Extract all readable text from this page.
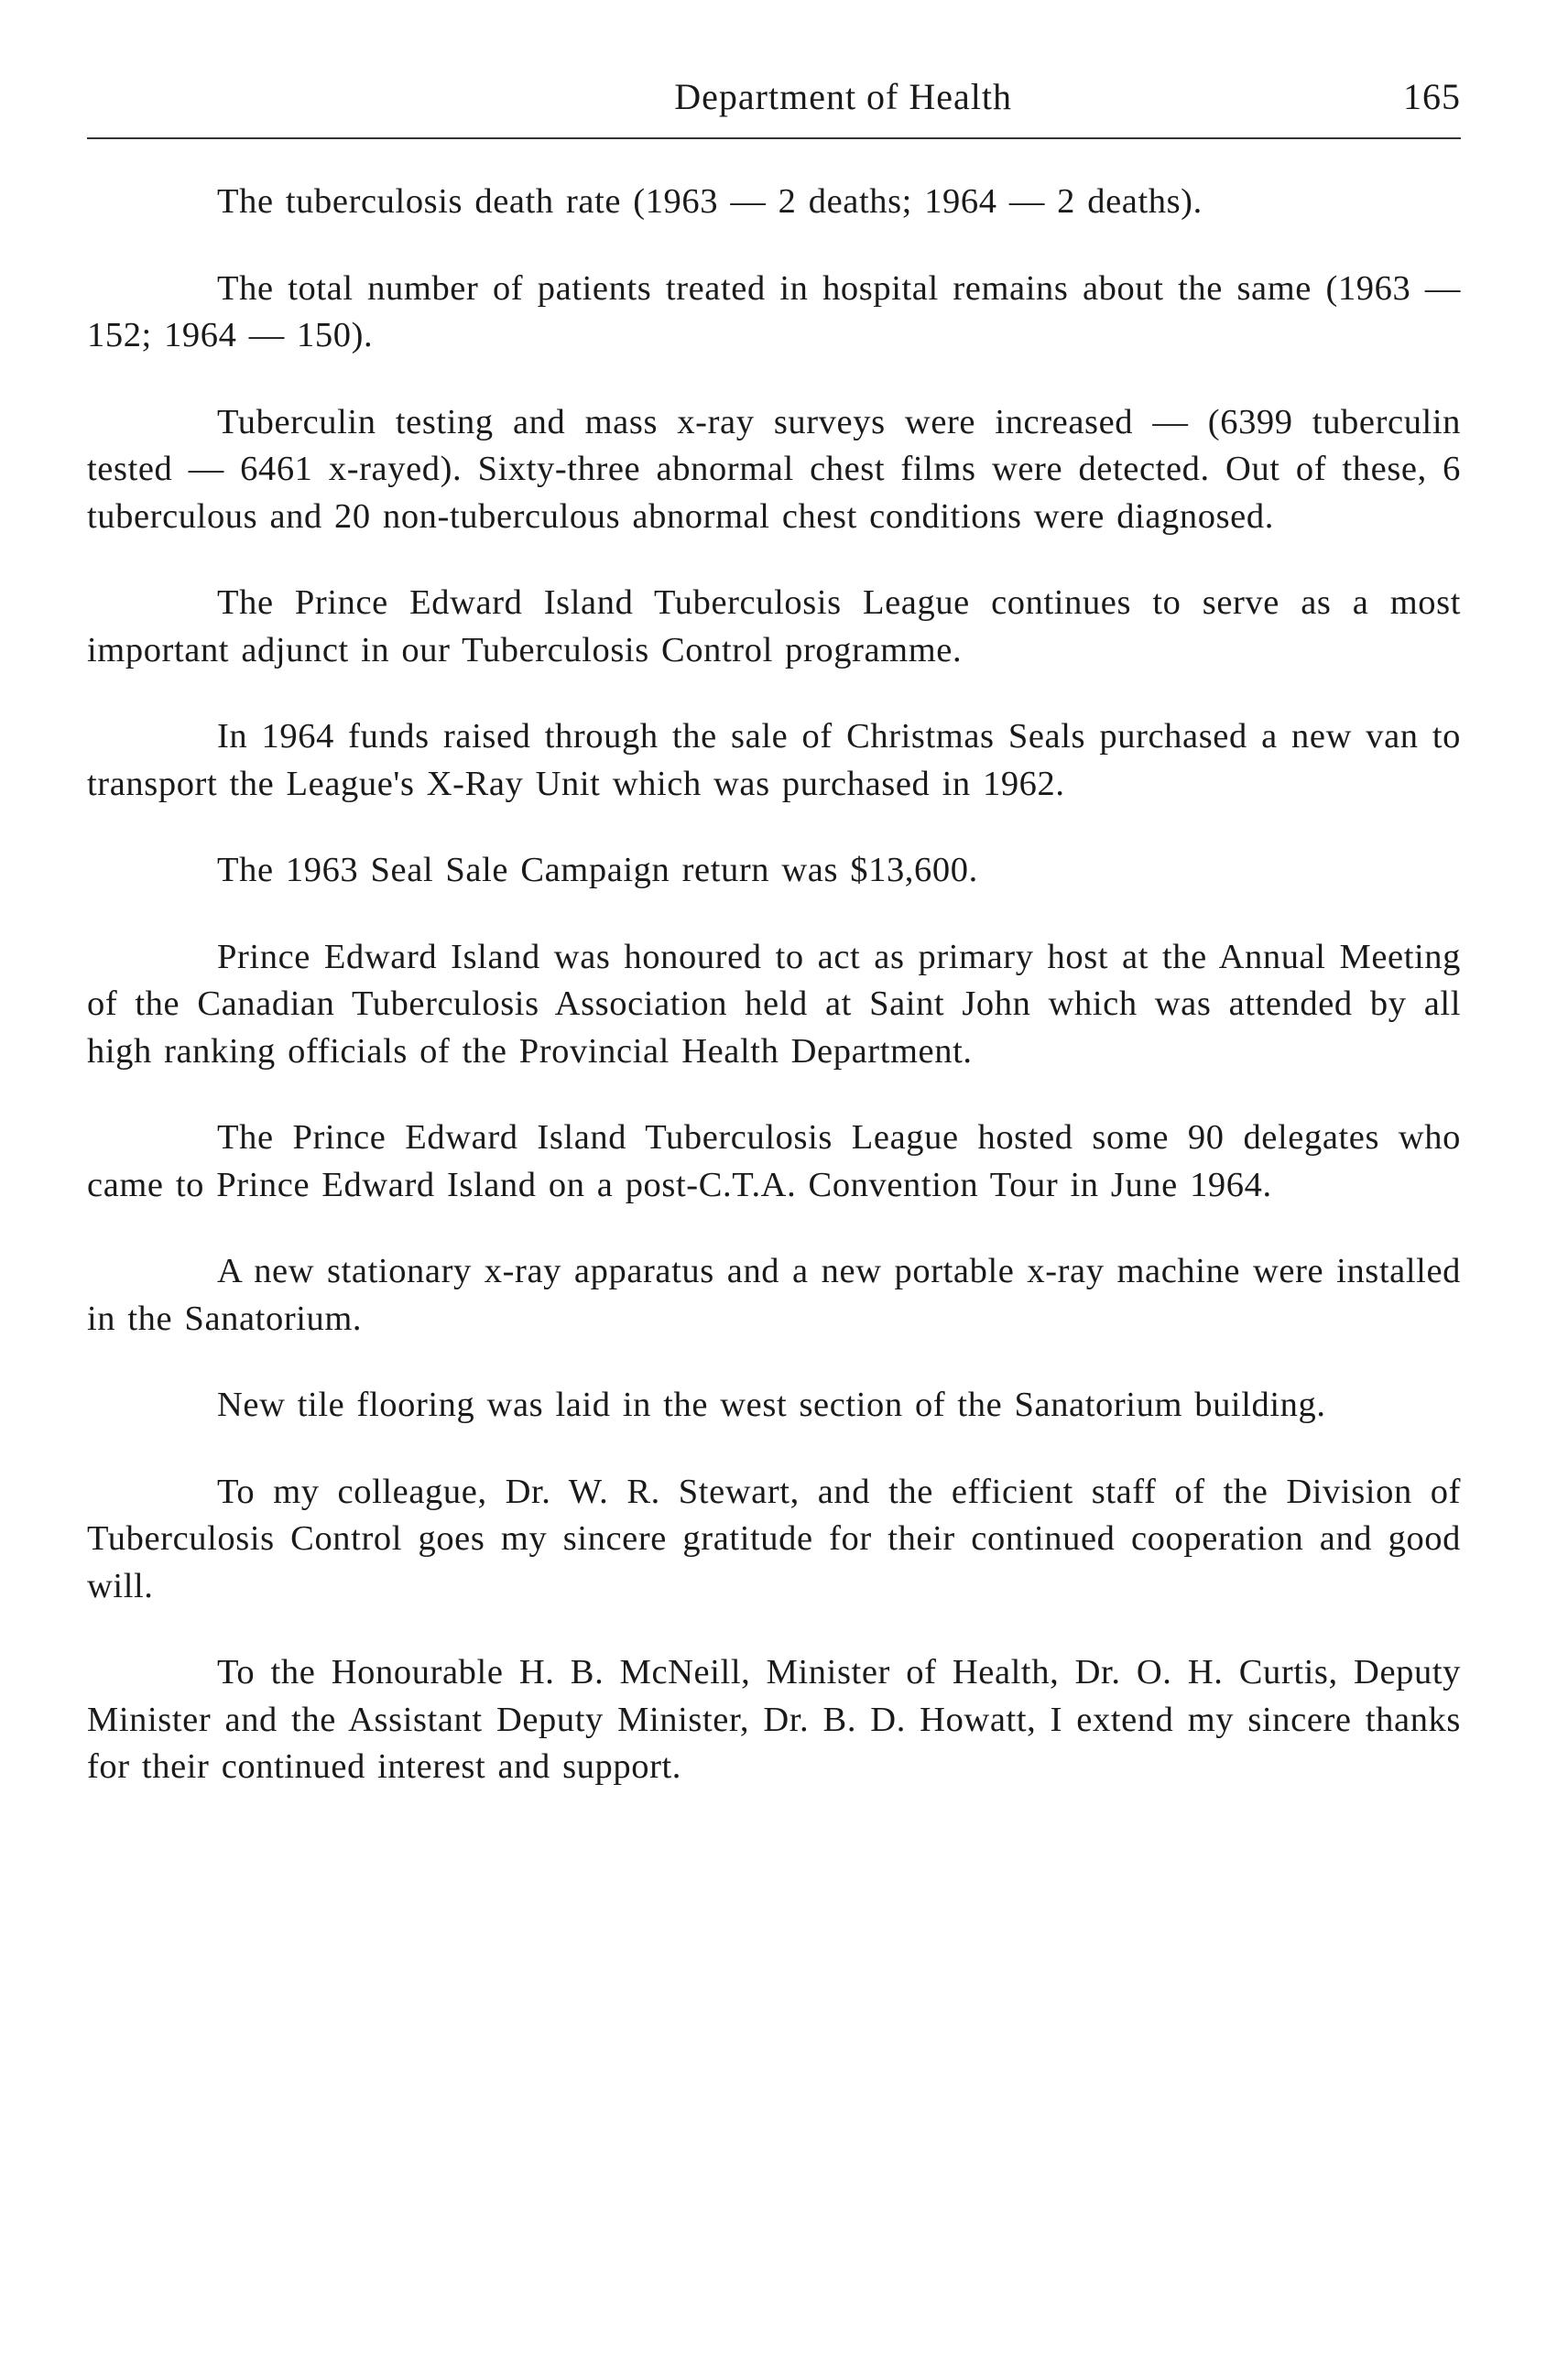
Department of Health	165

The tuberculosis death rate (1963 — 2 deaths; 1964 — 2 deaths).

The total number of patients treated in hospital remains about the same (1963 — 152; 1964 — 150).

Tuberculin testing and mass x-ray surveys were increased — (6399 tuberculin tested — 6461 x-rayed). Sixty-three abnormal chest films were detected. Out of these, 6 tuberculous and 20 non-tuberculous abnormal chest conditions were diagnosed.

The Prince Edward Island Tuberculosis League continues to serve as a most important adjunct in our Tuberculosis Control programme.

In 1964 funds raised through the sale of Christmas Seals purchased a new van to transport the League's X-Ray Unit which was purchased in 1962.

The 1963 Seal Sale Campaign return was $13,600.

Prince Edward Island was honoured to act as primary host at the Annual Meeting of the Canadian Tuberculosis Association held at Saint John which was attended by all high ranking officials of the Provincial Health Department.

The Prince Edward Island Tuberculosis League hosted some 90 delegates who came to Prince Edward Island on a post-C.T.A. Convention Tour in June 1964.

A new stationary x-ray apparatus and a new portable x-ray machine were installed in the Sanatorium.

New tile flooring was laid in the west section of the Sanatorium building.

To my colleague, Dr. W. R. Stewart, and the efficient staff of the Division of Tuberculosis Control goes my sincere gratitude for their continued cooperation and good will.

To the Honourable H. B. McNeill, Minister of Health, Dr. O. H. Curtis, Deputy Minister and the Assistant Deputy Minister, Dr. B. D. Howatt, I extend my sincere thanks for their continued interest and support.
